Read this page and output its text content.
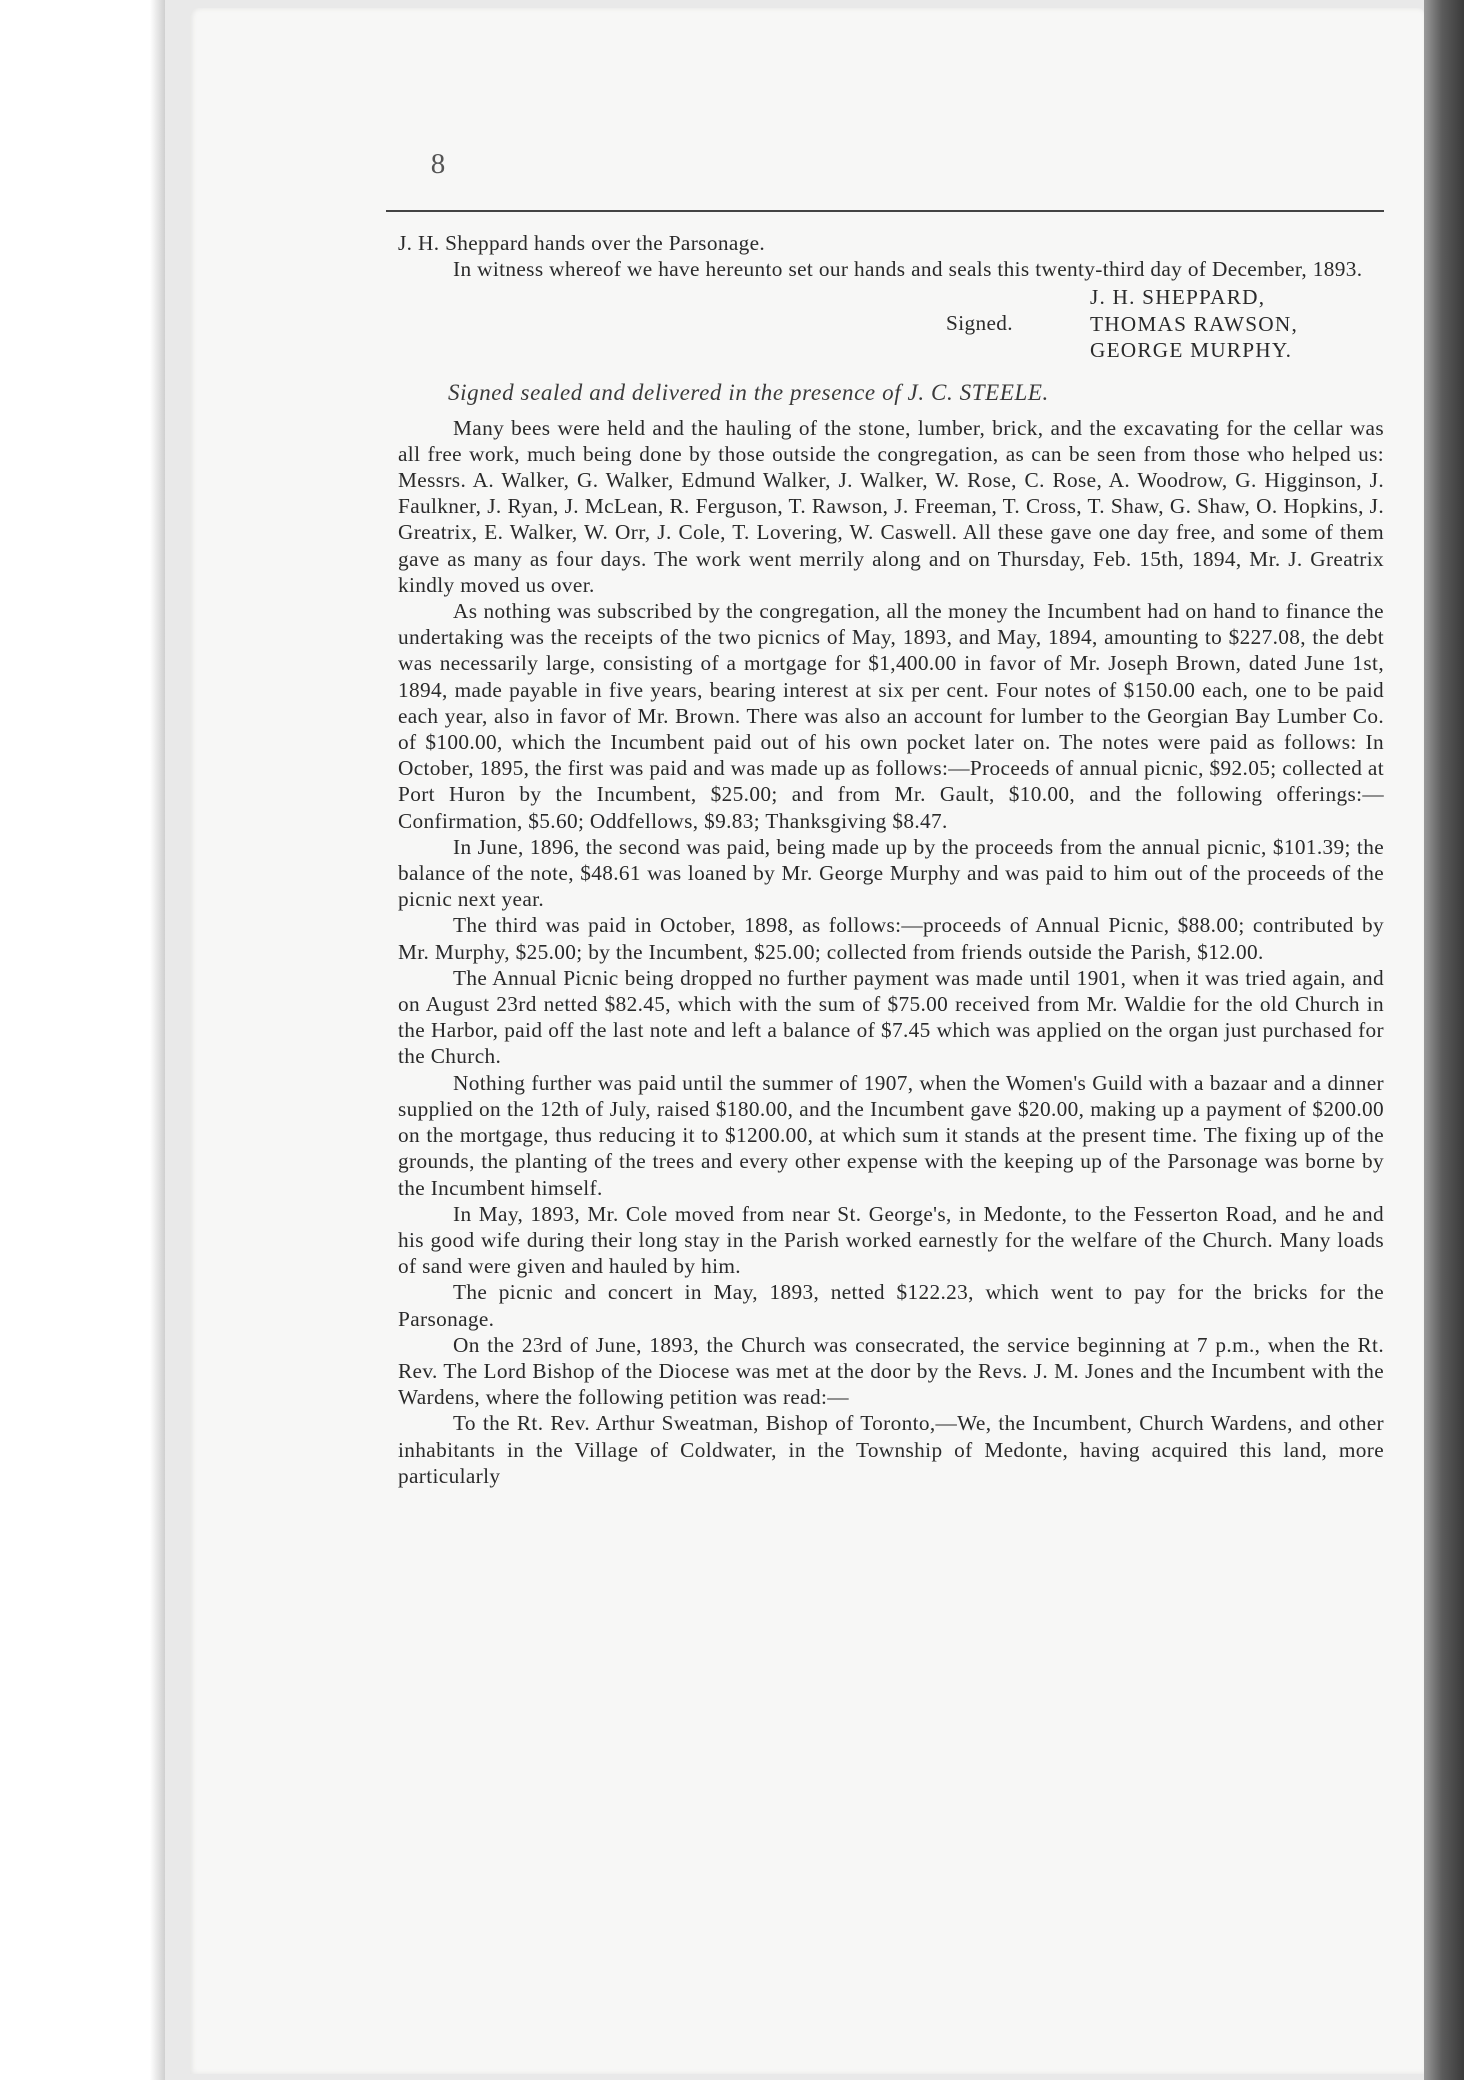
8

J. H. Sheppard hands over the Parsonage.

In witness whereof we have hereunto set our hands and seals this twenty-third day of December, 1893.

Signed.
J. H. SHEPPARD,
THOMAS RAWSON,
GEORGE MURPHY.
Signed sealed and delivered in the presence of J. C. STEELE.

Many bees were held and the hauling of the stone, lumber, brick, and the excavating for the cellar was all free work, much being done by those outside the congregation, as can be seen from those who helped us: Messrs. A. Walker, G. Walker, Edmund Walker, J. Walker, W. Rose, C. Rose, A. Woodrow, G. Higginson, J. Faulkner, J. Ryan, J. McLean, R. Ferguson, T. Rawson, J. Freeman, T. Cross, T. Shaw, G. Shaw, O. Hopkins, J. Greatrix, E. Walker, W. Orr, J. Cole, T. Lovering, W. Caswell. All these gave one day free, and some of them gave as many as four days. The work went merrily along and on Thursday, Feb. 15th, 1894, Mr. J. Greatrix kindly moved us over.

As nothing was subscribed by the congregation, all the money the Incumbent had on hand to finance the undertaking was the receipts of the two picnics of May, 1893, and May, 1894, amounting to $227.08, the debt was necessarily large, consisting of a mortgage for $1,400.00 in favor of Mr. Joseph Brown, dated June 1st, 1894, made payable in five years, bearing interest at six per cent. Four notes of $150.00 each, one to be paid each year, also in favor of Mr. Brown. There was also an account for lumber to the Georgian Bay Lumber Co. of $100.00, which the Incumbent paid out of his own pocket later on. The notes were paid as follows: In October, 1895, the first was paid and was made up as follows:—Proceeds of annual picnic, $92.05; collected at Port Huron by the Incumbent, $25.00; and from Mr. Gault, $10.00, and the following offerings:—Confirmation, $5.60; Oddfellows, $9.83; Thanksgiving $8.47.

In June, 1896, the second was paid, being made up by the proceeds from the annual picnic, $101.39; the balance of the note, $48.61 was loaned by Mr. George Murphy and was paid to him out of the proceeds of the picnic next year.

The third was paid in October, 1898, as follows:—proceeds of Annual Picnic, $88.00; contributed by Mr. Murphy, $25.00; by the Incumbent, $25.00; collected from friends outside the Parish, $12.00.

The Annual Picnic being dropped no further payment was made until 1901, when it was tried again, and on August 23rd netted $82.45, which with the sum of $75.00 received from Mr. Waldie for the old Church in the Harbor, paid off the last note and left a balance of $7.45 which was applied on the organ just purchased for the Church.

Nothing further was paid until the summer of 1907, when the Women's Guild with a bazaar and a dinner supplied on the 12th of July, raised $180.00, and the Incumbent gave $20.00, making up a payment of $200.00 on the mortgage, thus reducing it to $1200.00, at which sum it stands at the present time. The fixing up of the grounds, the planting of the trees and every other expense with the keeping up of the Parsonage was borne by the Incumbent himself.

In May, 1893, Mr. Cole moved from near St. George's, in Medonte, to the Fesserton Road, and he and his good wife during their long stay in the Parish worked earnestly for the welfare of the Church. Many loads of sand were given and hauled by him.

The picnic and concert in May, 1893, netted $122.23, which went to pay for the bricks for the Parsonage.

On the 23rd of June, 1893, the Church was consecrated, the service beginning at 7 p.m., when the Rt. Rev. The Lord Bishop of the Diocese was met at the door by the Revs. J. M. Jones and the Incumbent with the Wardens, where the following petition was read:—

To the Rt. Rev. Arthur Sweatman, Bishop of Toronto,—We, the Incumbent, Church Wardens, and other inhabitants in the Village of Coldwater, in the Township of Medonte, having acquired this land, more particularly
